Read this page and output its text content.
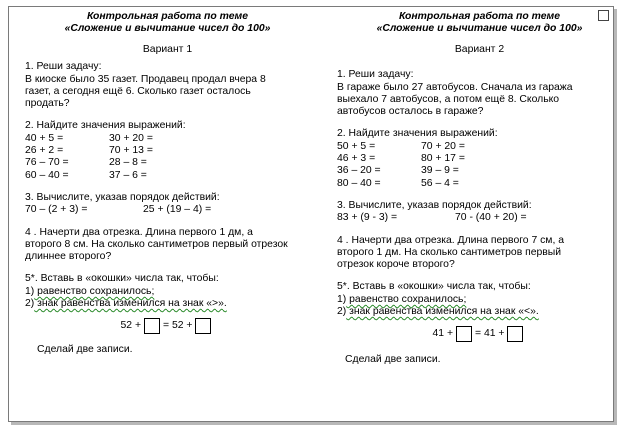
Контрольная работа по теме
«Сложение и вычитание чисел до 100»
Вариант 1

1. Реши задачу:

В киоске было 35 газет. Продавец продал вчера 8

газет, а сегодня ещё 6. Сколько газет осталось

продать?

2. Найдите значения выражений:

40 + 5 =	30 + 20 =
26 + 2 =	70 + 13 =
76 – 70 =	28 – 8 =
60 – 40 =	37 – 6 =

3. Вычислите, указав порядок действий:

70 – (2 + 3) =	25 + (19 – 4) =

4 . Начерти два отрезка. Длина первого 1 дм, а

второго 8 см. На сколько сантиметров первый отрезок

длиннее второго?

5*. Вставь в «окошки» числа так, чтобы:

1) равенство сохранилось;

2) знак равенства изменился на знак «>».

52 + = 52 +

Сделай две записи.

Контрольная работа по теме
«Сложение и вычитание чисел до 100»
Вариант 2

1. Реши задачу:

В гараже было 27 автобусов. Сначала из гаража

выехало 7 автобусов, а потом ещё 8. Сколько

автобусов осталось в гараже?

2. Найдите значения выражений:

50 + 5 =	70 + 20 =
46 + 3 =	80 + 17 =
36 – 20 =	39 – 9 =
80 – 40 =	56 – 4 =

3. Вычислите, указав порядок действий:

83 + (9 - 3) =	70 - (40 + 20) =

4 . Начерти два отрезка. Длина первого 7 см, а

второго 1 дм. На сколько сантиметров первый

отрезок короче второго?

5*. Вставь в «окошки» числа так, чтобы:

1) равенство сохранилось;

2) знак равенства изменился на знак «<».

41 + = 41 +

Сделай две записи.
